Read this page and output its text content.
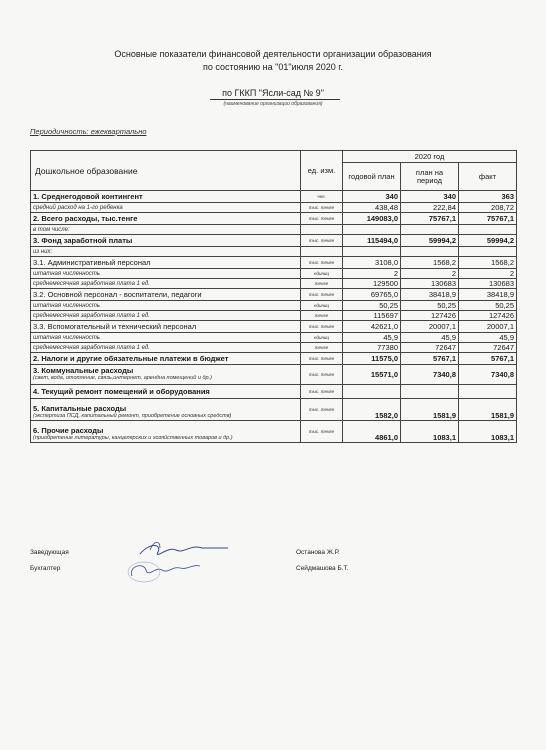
Основные показатели финансовой деятельности организации образования
по состоянию на "01"июля 2020 г.
по ГККП "Ясли-сад № 9"
(наименование организации образования)
Периодичность: ежеквартально
Дошкольное образование	ед. изм.	2020 год		
		годовой план	план на период	факт
1. Среднегодовой контингент	чел.	340	340	363
средний расход на 1-го ребенка	тыс. тенге	438,48	222,84	208,72
2. Всего расходы, тыс.тенге	тыс. тенге	149083,0	75767,1	75767,1
в том числе:				
3. Фонд заработной платы	тыс. тенге	115494,0	59994,2	59994,2
из них:				
3.1. Административный персонал	тыс. тенге	3108,0	1568,2	1568,2
штатная численность	единиц	2	2	2
среднемесячная заработная плата 1 ед.	тенге	129500	130683	130683
3.2. Основной персонал - воспитатели, педагоги	тыс. тенге	69765,0	38418,9	38418,9
штатная численность	единиц	50,25	50,25	50,25
среднемесячная заработная плата 1 ед.	тенге	115697	127426	127426
3.3. Вспомогательный и технический персонал	тыс. тенге	42621,0	20007,1	20007,1
штатная численность	единиц	45,9	45,9	45,9
среднемесячная заработная плата 1 ед.	тенге	77380	72647	72647
2. Налоги и другие обязательные платежи в бюджет	тыс. тенге	11575,0	5767,1	5767,1

3. Коммунальные расходы
(свет, вода, отопление, связь,интернет, арендна помещений и др.)	тыс. тенге	15571,0	7340,8	7340,8
4. Текущий ремонт помещений и оборудования	тыс. тенге			

5. Капитальные расходы
(экспертиза ПСД, капитальный ремонт, приобретение основных средств)	тыс. тенге	1582,0	1581,9	1581,9

6. Прочие расходы
(приобретение литературы, канцелярских и хозяйственных товаров и др.)	тыс. тенге	4861,0	1083,1	1083,1
Заведующая	Останова Ж.Р.
Бухгалтер	Сейдмашова Б.Т.
